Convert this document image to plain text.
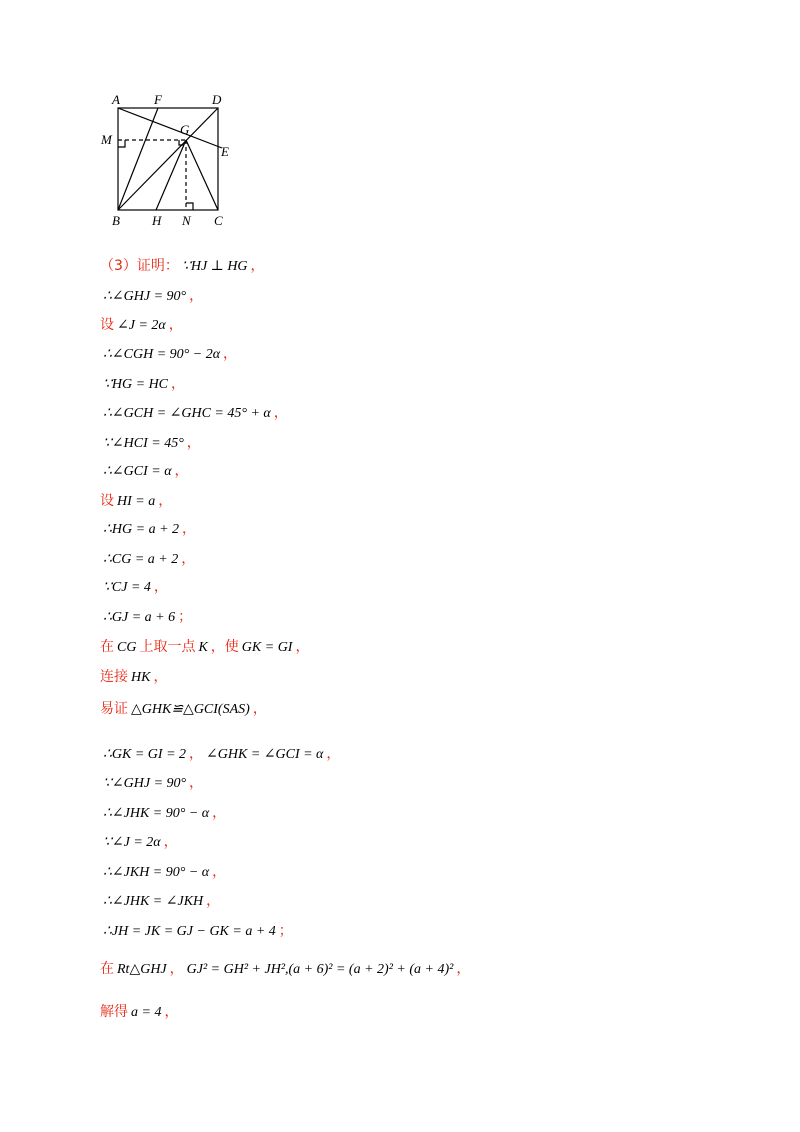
A	F	D
M
G
E
B H N C
（3）证明： ∵HJ ⊥ HG ，
∴∠GHJ = 90° ，
设 ∠J = 2α ，
∴∠CGH = 90° − 2α ，
∵HG = HC ，
∴∠GCH = ∠GHC = 45° + α ，
∵∠HCI = 45° ，
∴∠GCI = α ，
设 HI = a ，
∴HG = a + 2 ，
∴CG = a + 2 ，
∵CJ = 4 ，
∴GJ = a + 6 ；
在 CG 上取一点 K ，使 GK = GI ，
连接 HK ，
易证 △GHK≌△GCI(SAS) ，
∴GK = GI = 2 ， ∠GHK = ∠GCI = α ，
∵∠GHJ = 90° ，
∴∠JHK = 90° − α ，
∵∠J = 2α ，
∴∠JKH = 90° − α ，
∴∠JHK = ∠JKH ，
∴JH = JK = GJ − GK = a + 4 ；
在 Rt△GHJ ， GJ² = GH² + JH²,(a + 6)² = (a + 2)² + (a + 4)² ，
解得 a = 4 ，
